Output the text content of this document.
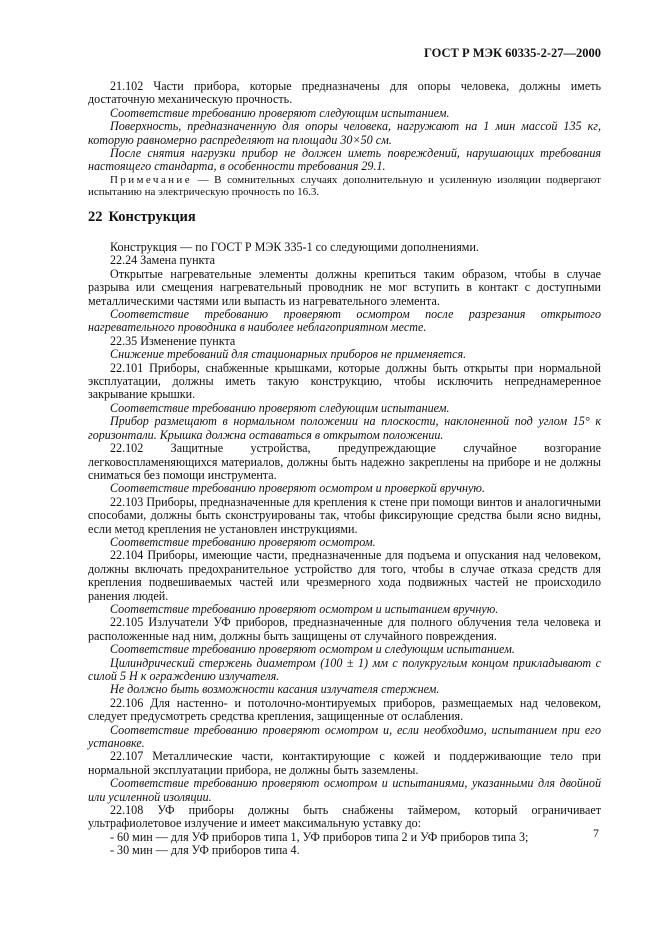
ГОСТ Р МЭК 60335-2-27—2000

21.102 Части прибора, которые предназначены для опоры человека, должны иметь достаточную механическую прочность.

Соответствие требованию проверяют следующим испытанием.

Поверхность, предназначенную для опоры человека, нагружают на 1 мин массой 135 кг, которую равномерно распределяют на площади 30×50 см.

После снятия нагрузки прибор не должен иметь повреждений, нарушающих требования настоящего стандарта, в особенности требования 29.1.

Примечание — В сомнительных случаях дополнительную и усиленную изоляции подвергают испытанию на электрическую прочность по 16.3.

22 Конструкция

Конструкция — по ГОСТ Р МЭК 335-1 со следующими дополнениями.

22.24 Замена пункта

Открытые нагревательные элементы должны крепиться таким образом, чтобы в случае разрыва или смещения нагревательный проводник не мог вступить в контакт с доступными металлическими частями или выпасть из нагревательного элемента.

Соответствие требованию проверяют осмотром после разрезания открытого нагревательного проводника в наиболее неблагоприятном месте.

22.35 Изменение пункта

Снижение требований для стационарных приборов не применяется.

22.101 Приборы, снабженные крышками, которые должны быть открыты при нормальной эксплуатации, должны иметь такую конструкцию, чтобы исключить непреднамеренное закрывание крышки.

Соответствие требованию проверяют следующим испытанием.

Прибор размещают в нормальном положении на плоскости, наклоненной под углом 15° к горизонтали. Крышка должна оставаться в открытом положении.

22.102 Защитные устройства, предупреждающие случайное возгорание легковоспламеняющихся материалов, должны быть надежно закреплены на приборе и не должны сниматься без помощи инструмента.

Соответствие требованию проверяют осмотром и проверкой вручную.

22.103 Приборы, предназначенные для крепления к стене при помощи винтов и аналогичными способами, должны быть сконструированы так, чтобы фиксирующие средства были ясно видны, если метод крепления не установлен инструкциями.

Соответствие требованию проверяют осмотром.

22.104 Приборы, имеющие части, предназначенные для подъема и опускания над человеком, должны включать предохранительное устройство для того, чтобы в случае отказа средств для крепления подвешиваемых частей или чрезмерного хода подвижных частей не происходило ранения людей.

Соответствие требованию проверяют осмотром и испытанием вручную.

22.105 Излучатели УФ приборов, предназначенные для полного облучения тела человека и расположенные над ним, должны быть защищены от случайного повреждения.

Соответствие требованию проверяют осмотром и следующим испытанием.

Цилиндрический стержень диаметром (100 ± 1) мм с полукруглым концом прикладывают с силой 5 Н к ограждению излучателя.

Не должно быть возможности касания излучателя стержнем.

22.106 Для настенно- и потолочно-монтируемых приборов, размещаемых над человеком, следует предусмотреть средства крепления, защищенные от ослабления.

Соответствие требованию проверяют осмотром и, если необходимо, испытанием при его установке.

22.107 Металлические части, контактирующие с кожей и поддерживающие тело при нормальной эксплуатации прибора, не должны быть заземлены.

Соответствие требованию проверяют осмотром и испытаниями, указанными для двойной или усиленной изоляции.

22.108 УФ приборы должны быть снабжены таймером, который ограничивает ультрафиолетовое излучение и имеет максимальную уставку до:

- 60 мин — для УФ приборов типа 1, УФ приборов типа 2 и УФ приборов типа 3;

- 30 мин — для УФ приборов типа 4.

7
